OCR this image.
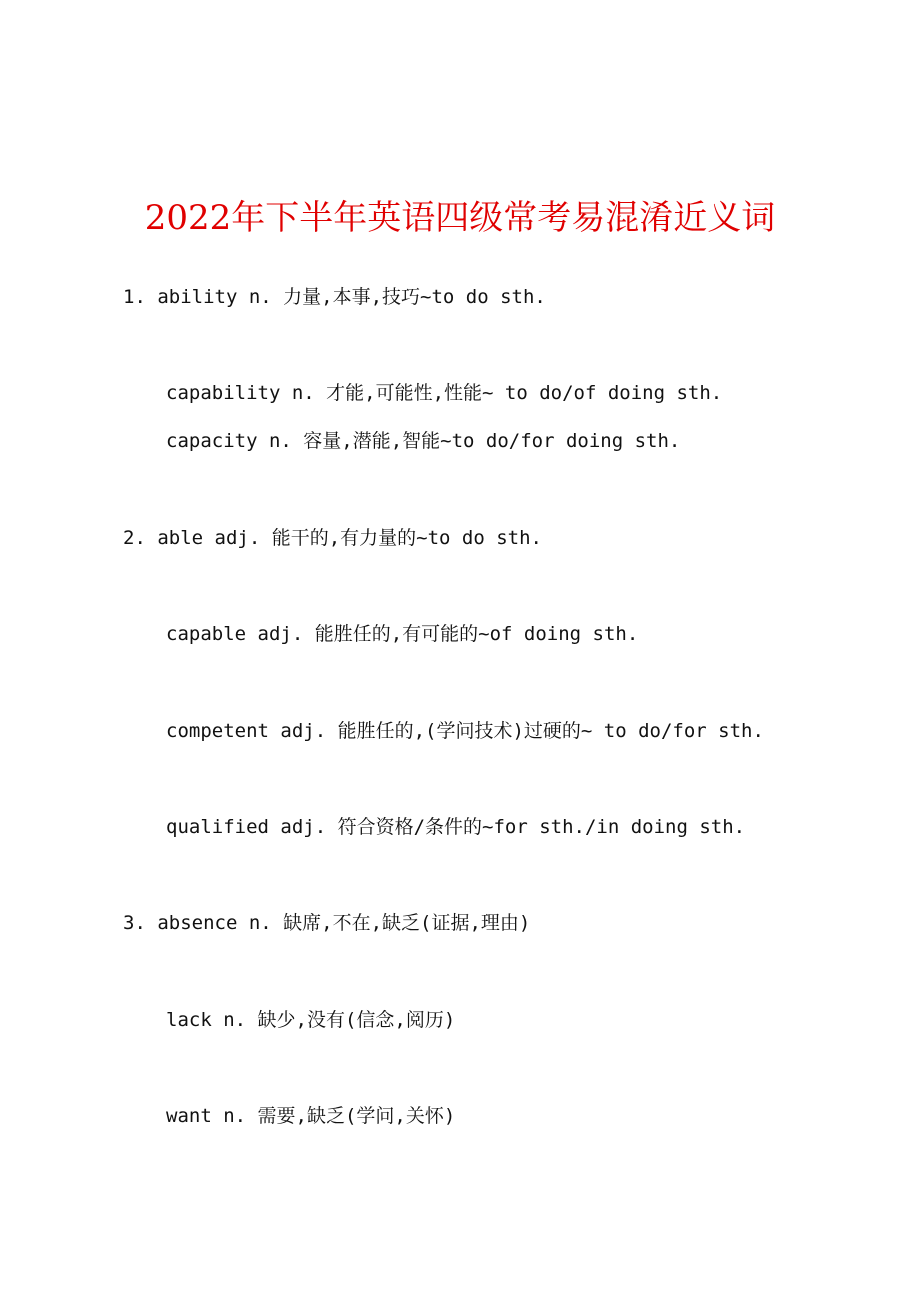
2022年下半年英语四级常考易混淆近义词
1. ability n. 力量,本事,技巧~to do sth.
capability n. 才能,可能性,性能~ to do/of doing sth.
capacity n. 容量,潜能,智能~to do/for doing sth.
2. able adj. 能干的,有力量的~to do sth.
capable adj. 能胜任的,有可能的~of doing sth.
competent adj. 能胜任的,(学问技术)过硬的~ to do/for sth.
qualified adj. 符合资格/条件的~for sth./in doing sth.
3. absence n. 缺席,不在,缺乏(证据,理由)
lack n. 缺少,没有(信念,阅历)
want n. 需要,缺乏(学问,关怀)
